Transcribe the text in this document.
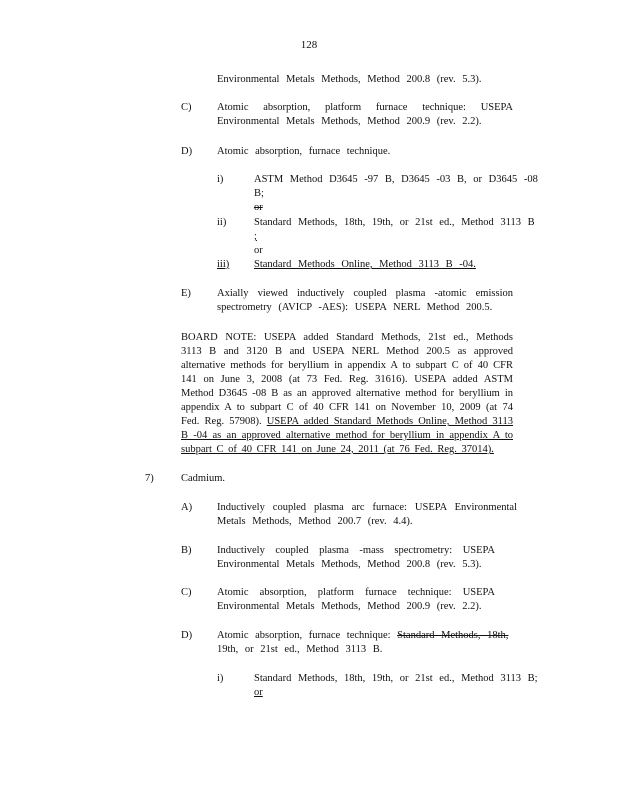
128
Environmental Metals Methods, Method 200.8 (rev. 5.3).
C) Atomic absorption, platform furnace technique: USEPA Environmental Metals Methods, Method 200.9 (rev. 2.2).
D) Atomic absorption, furnace technique.
i)	ASTM Method D3645 -97 B, D3645 -03 B, or D3645 -08 B;
or
ii)	Standard Methods, 18th, 19th, or 21st ed., Method 3113 B ;
or
iii)	Standard Methods Online, Method 3113 B -04.
E) Axially viewed inductively coupled plasma -atomic emission spectrometry (AVICP -AES): USEPA NERL Method 200.5.
BOARD NOTE: USEPA added Standard Methods, 21st ed., Methods 3113 B and 3120 B and USEPA NERL Method 200.5 as approved alternative methods for beryllium in appendix A to subpart C of 40 CFR 141 on June 3, 2008 (at 73 Fed. Reg. 31616). USEPA added ASTM Method D3645 -08 B as an approved alternative method for beryllium in appendix A to subpart C of 40 CFR 141 on November 10, 2009 (at 74 Fed. Reg. 57908). USEPA added Standard Methods Online, Method 3113 B -04 as an approved alternative method for beryllium in appendix A to subpart C of 40 CFR 141 on June 24, 2011 (at 76 Fed. Reg. 37014).
7)	Cadmium.
A) Inductively coupled plasma arc furnace: USEPA Environmental Metals Methods, Method 200.7 (rev. 4.4).
B) Inductively coupled plasma -mass spectrometry: USEPA Environmental Metals Methods, Method 200.8 (rev. 5.3).
C) Atomic absorption, platform furnace technique: USEPA Environmental Metals Methods, Method 200.9 (rev. 2.2).
D) Atomic absorption, furnace technique: Standard Methods, 18th,
19th, or 21st ed., Method 3113 B.
i)	Standard Methods, 18th, 19th, or 21st ed., Method 3113 B;
or
